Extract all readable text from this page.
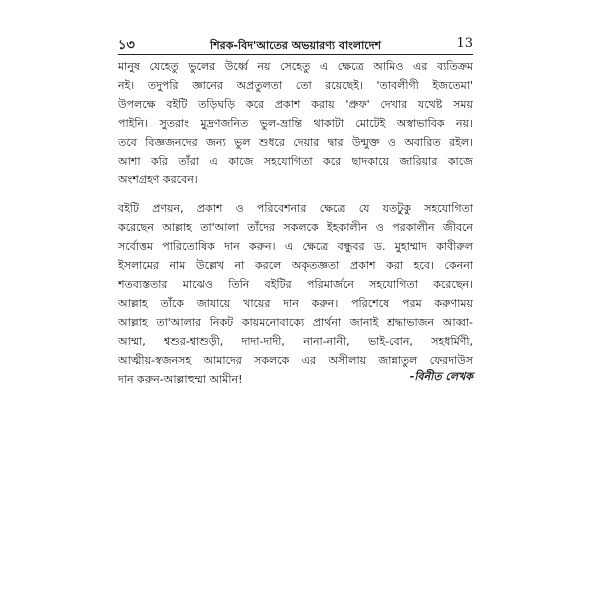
১৩	শিরক-বিদ'আতের অভয়ারণ্য বাংলাদেশ	13

মানুষ যেহেতু ভুলের উর্ধ্বে নয় সেহেতু এ ক্ষেত্রে আমিও এর ব্যতিক্রম
নই। তদুপরি জ্ঞানের অপ্রতুলতা তো রয়েছেই। 'তাবলীগী ইজতেমা'
উপলক্ষে বইটি তড়িঘড়ি করে প্রকাশ করায় 'প্রুফ' দেখার যথেষ্ট সময়
পাইনি। সুতরাং মুদ্রণজনিত ভুল-ভ্রান্তি থাকাটা মোটেই অস্বাভাবিক নয়।
তবে বিজ্ঞজনদের জন্য ভুল শুধরে দেয়ার দ্বার উন্মুক্ত ও অবারিত রইল।
আশা করি তাঁরা এ কাজে সহযোগিতা করে ছাদকায়ে জারিয়ার কাজে
অংশগ্রহণ করবেন।

বইটি প্রণয়ন, প্রকাশ ও পরিবেশনার ক্ষেত্রে যে যতটুকু সহযোগিতা
করেছেন আল্লাহ তা'আলা তাঁদের সকলকে ইহকালীন ও পরকালীন জীবনে
সর্বোত্তম পারিতোষিক দান করুন। এ ক্ষেত্রে বন্ধুবর ড. মুহাম্মাদ কাবীরুল
ইসলামের নাম উল্লেখ না করলে অকৃতজ্ঞতা প্রকাশ করা হবে। কেননা
শতব্যস্ততার মাঝেও তিনি বইটির পরিমার্জনে সহযোগিতা করেছেন।
আল্লাহ তাঁকে জাযায়ে খায়ের দান করুন। পরিশেষে পরম করুণাময়
আল্লাহ তা'আলার নিকট কায়মনোবাক্যে প্রার্থনা জানাই শ্রদ্ধাভাজন আব্বা-
আম্মা, শ্বশুর-শ্বাশুড়ী, দাদা-দাদী, নানা-নানী, ভাই-বোন, সহধর্মিণী,
আত্মীয়-স্বজনসহ আমাদের সকলকে এর অসীলায় জান্নাতুল ফেরদাউস
দান করুন-আল্লাহুম্মা আমীন!	-বিনীত লেখক
